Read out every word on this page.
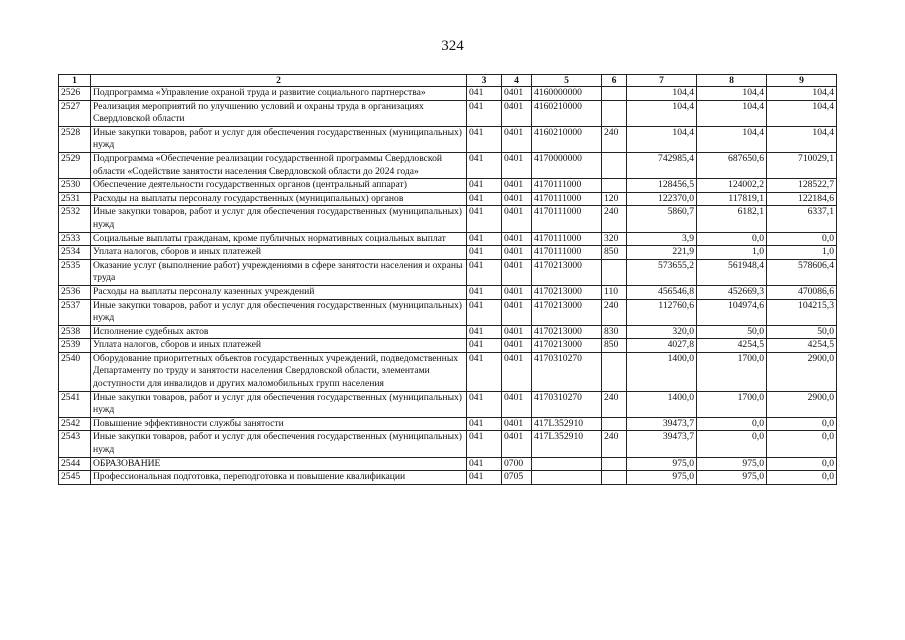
324
1	2	3	4	5	6	7	8	9
2526	Подпрограмма «Управление охраной труда и развитие социального партнерства»	041	0401	4160000000		104,4	104,4	104,4
2527	Реализация мероприятий по улучшению условий и охраны труда в организациях Свердловской области	041	0401	4160210000		104,4	104,4	104,4
2528	Иные закупки товаров, работ и услуг для обеспечения государственных (муниципальных) нужд	041	0401	4160210000	240	104,4	104,4	104,4
2529	Подпрограмма «Обеспечение реализации государственной программы Свердловской области «Содействие занятости населения Свердловской области до 2024 года»	041	0401	4170000000		742985,4	687650,6	710029,1
2530	Обеспечение деятельности государственных органов (центральный аппарат)	041	0401	4170111000		128456,5	124002,2	128522,7
2531	Расходы на выплаты персоналу государственных (муниципальных) органов	041	0401	4170111000	120	122370,0	117819,1	122184,6
2532	Иные закупки товаров, работ и услуг для обеспечения государственных (муниципальных) нужд	041	0401	4170111000	240	5860,7	6182,1	6337,1
2533	Социальные выплаты гражданам, кроме публичных нормативных социальных выплат	041	0401	4170111000	320	3,9	0,0	0,0
2534	Уплата налогов, сборов и иных платежей	041	0401	4170111000	850	221,9	1,0	1,0
2535	Оказание услуг (выполнение работ) учреждениями в сфере занятости населения и охраны труда	041	0401	4170213000		573655,2	561948,4	578606,4
2536	Расходы на выплаты персоналу казенных учреждений	041	0401	4170213000	110	456546,8	452669,3	470086,6
2537	Иные закупки товаров, работ и услуг для обеспечения государственных (муниципальных) нужд	041	0401	4170213000	240	112760,6	104974,6	104215,3
2538	Исполнение судебных актов	041	0401	4170213000	830	320,0	50,0	50,0
2539	Уплата налогов, сборов и иных платежей	041	0401	4170213000	850	4027,8	4254,5	4254,5
2540	Оборудование приоритетных объектов государственных учреждений, подведомственных Департаменту по труду и занятости населения Свердловской области, элементами доступности для инвалидов и других маломобильных групп населения	041	0401	4170310270		1400,0	1700,0	2900,0
2541	Иные закупки товаров, работ и услуг для обеспечения государственных (муниципальных) нужд	041	0401	4170310270	240	1400,0	1700,0	2900,0
2542	Повышение эффективности службы занятости	041	0401	417L352910		39473,7	0,0	0,0
2543	Иные закупки товаров, работ и услуг для обеспечения государственных (муниципальных) нужд	041	0401	417L352910	240	39473,7	0,0	0,0
2544	ОБРАЗОВАНИЕ	041	0700			975,0	975,0	0,0
2545	Профессиональная подготовка, переподготовка и повышение квалификации	041	0705			975,0	975,0	0,0
